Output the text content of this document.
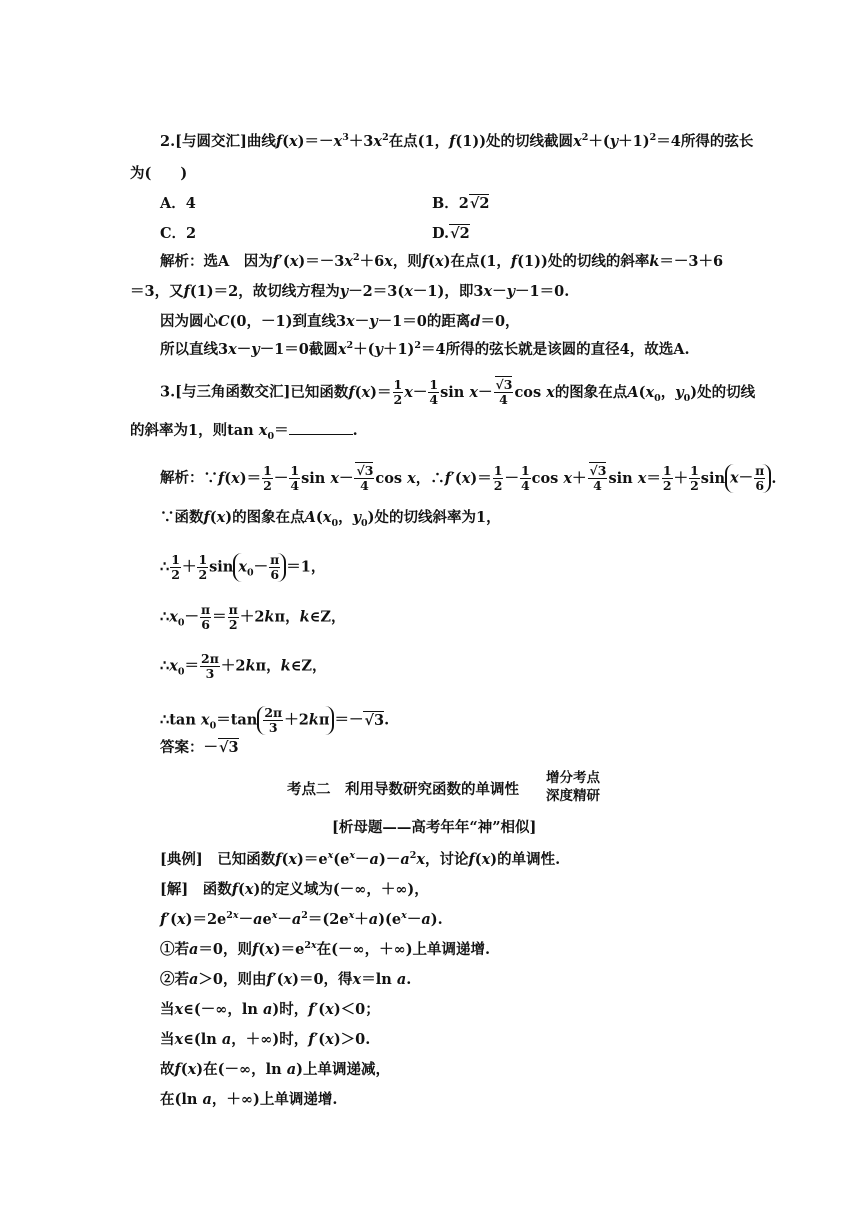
2.[与圆交汇]曲线$f(x)=-x^3+3x^2$在点(1，f(1))处的切线截圆$x^2+(y+1)^2=4$所得的弦长
为(　　)
A．4	B．2 √ 2
C．2	D. √ 2
解析：选A　因为$f'(x)=-3x^2+6x$，则f(x)在点(1，f(1))处的切线的斜率k＝－3＋6
＝3，又f(1)＝2，故切线方程为y－2＝3(x－1)，即3x－y－1＝0.
因为圆心C(0，－1)到直线3x－y－1＝0的距离d＝0，
所以直线3x－y－1＝0截圆$x^2+(y+1)^2=4$所得的弦长就是该圆的直径4，故选A.
3.[与三角函数交汇]已知函数$f(x)= \frac{1}{2} x- \frac{1}{4}$ sin x－ √ $\frac{3}{4}$ cos x的图象在点$A(x_0$，$y_0$)处的切线
的斜率为1，则$\tan x_0=$	.
解析：∵f(x)＝ $\frac{1}{2} - \frac{1}{4}$ sin x－ √ $\frac{3}{4}$ cos x，∴f′(x)＝ $\frac{1}{2} - \frac{1}{4}$ cos x＋ √ $\frac{3}{4}$ $\sin x= \frac{1}{2} + \frac{1}{2}$ $\sin x- \frac{\pi}{6}$ .
∵函数f(x)的图象在点$A(x_0$，$y_0$)处的切线斜率为1，
∴ $\frac{1}{2} + \frac{1}{2}$ $\sin x_0- \frac{\pi}{6} =1$，
$\therefore x_0- \frac{\pi}{6} = \frac{\pi}{2} +2k\pi$，k∈Z，
$\therefore x_0= \frac{2\pi}{3} +2k\pi$，k∈Z，
∴tan $x_0=\tan \frac{2\pi}{3} +2k\pi$ ＝－ √ 3.
答案：－ √ 3
考点二　利用导数研究函数的单调性
增分考点
深度精研
[析母题——高考年年“神”相似]
[典例]　 已知函数$f(x)=e^x(e^x-a)-a^2x$，讨论f(x)的单调性.
[解]　 函数f(x)的定义域为(－∞，＋∞)，
$f'(x)=2e^{2x}-ae^x-a^2=(2e^x+a)(e^x-a)$.
①若a＝0，则$f(x)=e^{2x}$在(－∞，＋∞)上单调递增.
②若a＞0，则由f′(x)＝0，得x＝ln a.
当x∈(－∞，ln a)时，f′(x)＜0；
当x∈(ln a，＋∞)时，f′(x)＞0.
故f(x)在(－∞，ln a)上单调递减，
在(ln a，＋∞)上单调递增.
